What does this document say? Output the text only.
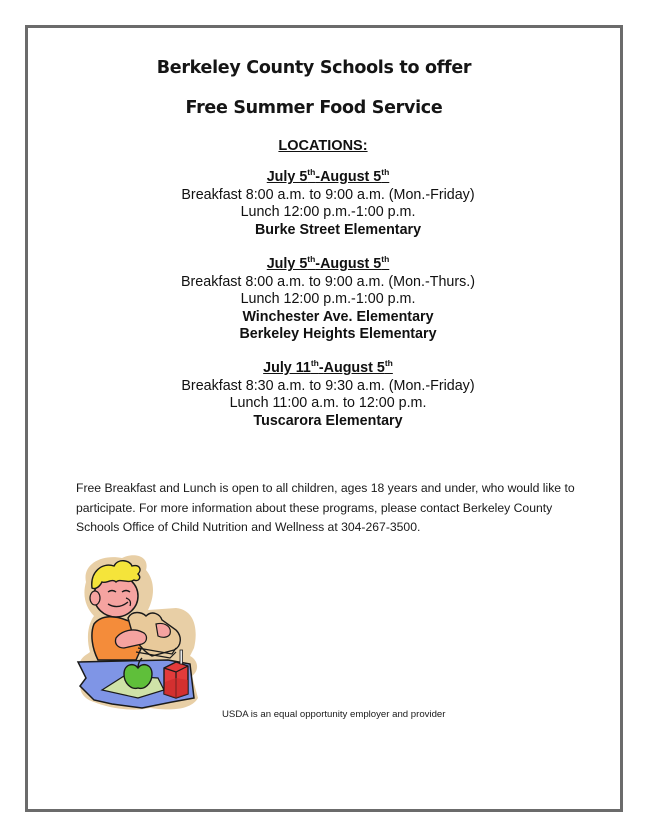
Berkeley County Schools to offer
Free Summer Food Service
LOCATIONS:
July 5th-August 5th
Breakfast 8:00 a.m. to 9:00 a.m. (Mon.-Friday)
Lunch 12:00 p.m.-1:00 p.m.
Burke Street Elementary
July 5th-August 5th
Breakfast 8:00 a.m. to 9:00 a.m. (Mon.-Thurs.)
Lunch 12:00 p.m.-1:00 p.m.
Winchester Ave. Elementary
Berkeley Heights Elementary
July 11th-August 5th
Breakfast 8:30 a.m. to 9:30 a.m. (Mon.-Friday)
Lunch 11:00 a.m. to 12:00 p.m.
Tuscarora Elementary

Free Breakfast and Lunch is open to all children, ages 18 years and under, who would like to participate. For more information about these programs, please contact Berkeley County Schools Office of Child Nutrition and Wellness at 304-267-3500.

USDA is an equal opportunity employer and provider
